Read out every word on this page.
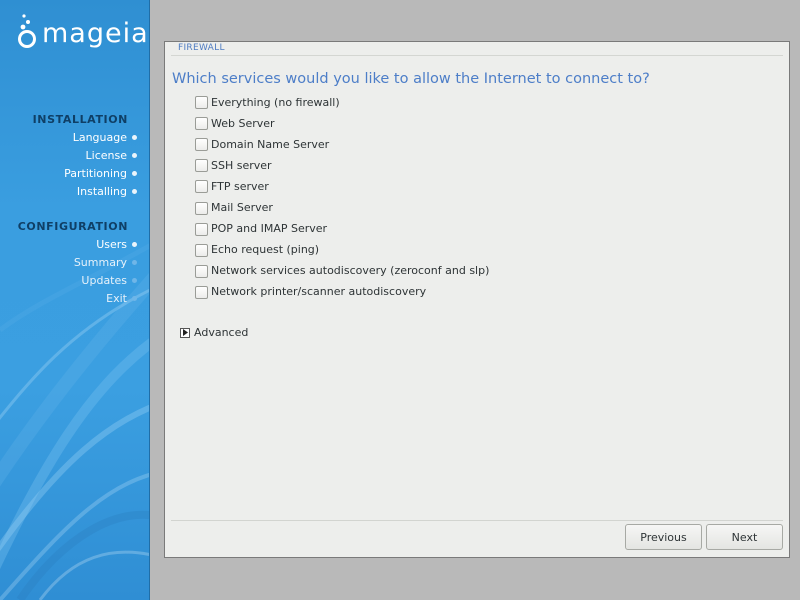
mageia
INSTALLATION
Language
License
Partitioning
Installing
CONFIGURATION
Users
Summary
Updates
Exit
FIREWALL
Which services would you like to allow the Internet to connect to?
Everything (no firewall)
Web Server
Domain Name Server
SSH server
FTP server
Mail Server
POP and IMAP Server
Echo request (ping)
Network services autodiscovery (zeroconf and slp)
Network printer/scanner autodiscovery
Advanced
Previous	Next
